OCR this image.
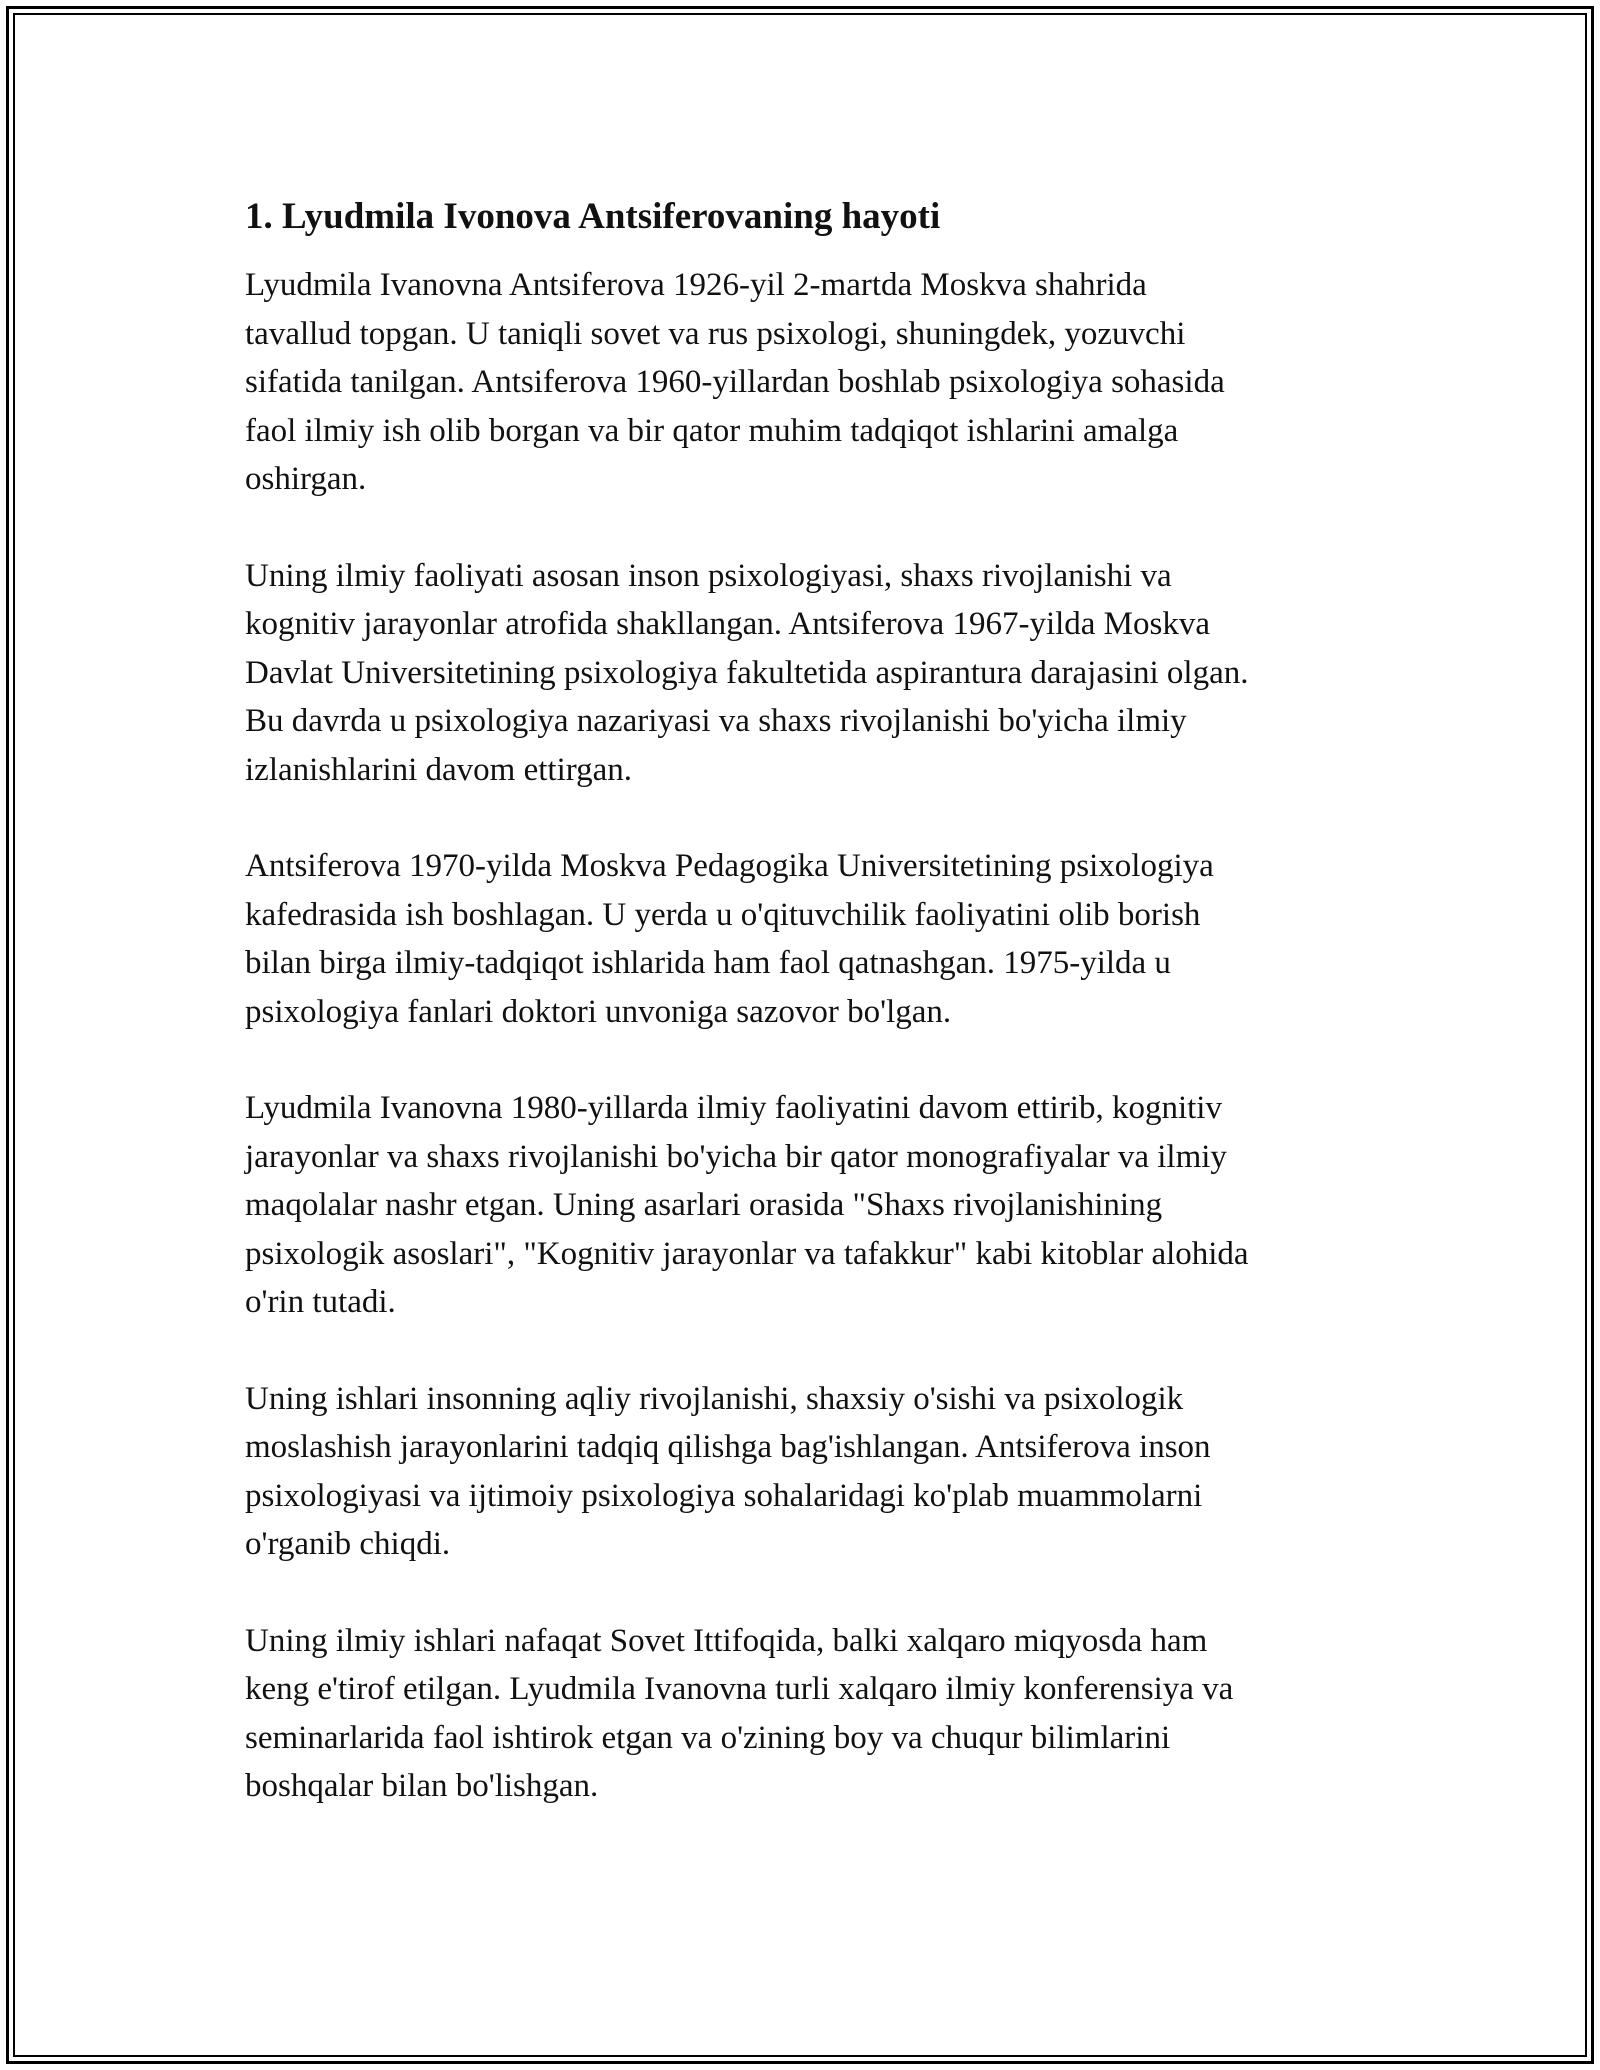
1. Lyudmila Ivonova Antsiferovaning hayoti
Lyudmila Ivanovna Antsiferova 1926-yil 2-martda Moskva shahrida
tavallud topgan. U taniqli sovet va rus psixologi, shuningdek, yozuvchi
sifatida tanilgan. Antsiferova 1960-yillardan boshlab psixologiya sohasida
faol ilmiy ish olib borgan va bir qator muhim tadqiqot ishlarini amalga
oshirgan.
Uning ilmiy faoliyati asosan inson psixologiyasi, shaxs rivojlanishi va
kognitiv jarayonlar atrofida shakllangan. Antsiferova 1967-yilda Moskva
Davlat Universitetining psixologiya fakultetida aspirantura darajasini olgan.
Bu davrda u psixologiya nazariyasi va shaxs rivojlanishi bo'yicha ilmiy
izlanishlarini davom ettirgan.
Antsiferova 1970-yilda Moskva Pedagogika Universitetining psixologiya
kafedrasida ish boshlagan. U yerda u o'qituvchilik faoliyatini olib borish
bilan birga ilmiy-tadqiqot ishlarida ham faol qatnashgan. 1975-yilda u
psixologiya fanlari doktori unvoniga sazovor bo'lgan.
Lyudmila Ivanovna 1980-yillarda ilmiy faoliyatini davom ettirib, kognitiv
jarayonlar va shaxs rivojlanishi bo'yicha bir qator monografiyalar va ilmiy
maqolalar nashr etgan. Uning asarlari orasida "Shaxs rivojlanishining
psixologik asoslari", "Kognitiv jarayonlar va tafakkur" kabi kitoblar alohida
o'rin tutadi.
Uning ishlari insonning aqliy rivojlanishi, shaxsiy o'sishi va psixologik
moslashish jarayonlarini tadqiq qilishga bag'ishlangan. Antsiferova inson
psixologiyasi va ijtimoiy psixologiya sohalaridagi ko'plab muammolarni
o'rganib chiqdi.
Uning ilmiy ishlari nafaqat Sovet Ittifoqida, balki xalqaro miqyosda ham
keng e'tirof etilgan. Lyudmila Ivanovna turli xalqaro ilmiy konferensiya va
seminarlarida faol ishtirok etgan va o'zining boy va chuqur bilimlarini
boshqalar bilan bo'lishgan.
